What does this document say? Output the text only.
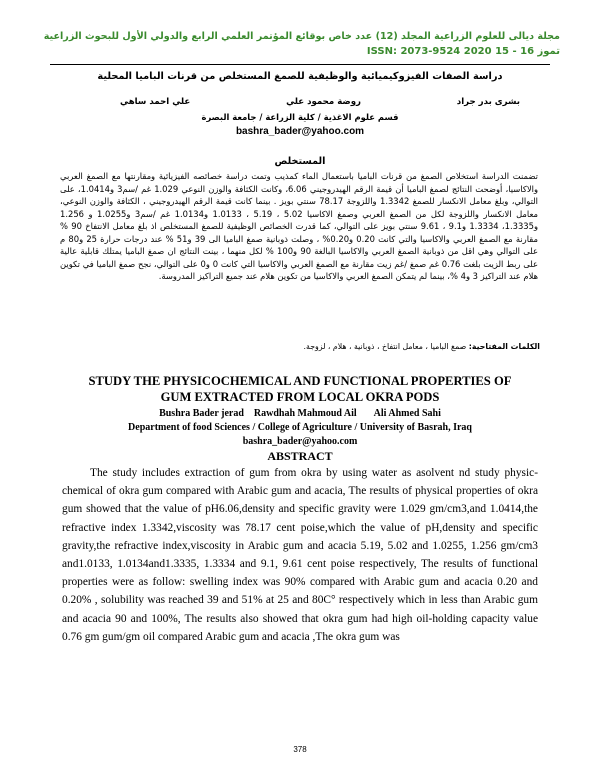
مجلة ديالى للعلوم الزراعية المجلد (12) عدد خاص بوقائع المؤتمر العلمي الرابع والدولي الأول للبحوث الزراعية
ISSN: 2073-9524 2020 تموز 16 - 15
دراسة الصفات الفيزوكيميائية والوظيفية للصمغ المستخلص من قرنات الباميا المحلية
بشرى بدر جراد
روضة محمود علي
علي احمد ساهي
قسم علوم الاغذية / كلية الزراعة / جامعة البصرة
bashra_bader@yahoo.com
المستخلص

تضمنت الدراسة استخلاص الصمغ من قرنات الباميا باستعمال الماء كمذيب وتمت دراسة خصائصه الفيزيائية ومقارنتها مع الصمغ العربي والاكاسيا، أوضحت النتائج لصمغ الباميا أن قيمة الرقم الهيدروجيني 6.06، وكانت الكثافة والوزن النوعي 1.029 غم /سم3 و1.0414، على التوالي، وبلغ معامل الانكسار للصمغ 1.3342 واللزوجة 78.17 سنتي بويز . بينما كانت قيمة الرقم الهيدروجيني ، الكثافة والوزن النوعي، معامل الانكسار واللزوجة لكل من الصمغ العربي وصمغ الاكاسيا 5.02 ، 5.19 ، 1.0133 و1.0134 غم /سم3 و1.0255 و 1.256 و1.3335، 1.3334 و9.1 ، 9.61 سنتي بويز على التوالي، كما قدرت الخصائص الوظيفية للصمغ المستخلص اذ بلغ معامل الانتفاخ 90 % مقارنة مع الصمغ العربي والاكاسيا والتي كانت 0.20 و0.20% ، وصلت ذوبانية صمغ الباميا الى 39 و51 % عند درجات حرارة 25 و80 م على التوالي وهي اقل من ذوبانية الصمغ العربي والاكاسيا البالغة 90 و100 % لكل منهما ، بينت النتائج ان صمغ الباميا يمتلك قابلية عالية على ربط الزيت بلغت 0.76 غم صمغ /غم زيت مقارنة مع الصمغ العربي والاكاسيا التي كانت 0 و0 على التوالي، نجح صمغ الباميا في تكوين هلام عند التراكيز 3 و4 %، بينما لم يتمكن الصمغ العربي والاكاسيا من تكوين هلام عند جميع التراكيز المدروسة.

الكلمات المفتاحية: صمغ الباميا ، معامل انتفاخ ، ذوبانية ، هلام ، لزوجة.
STUDY THE PHYSICOCHEMICAL AND FUNCTIONAL PROPERTIES OF
GUM EXTRACTED FROM LOCAL OKRA PODS
Bushra Bader jerad    Rawdhah Mahmoud Ail       Ali Ahmed Sahi
Department of food Sciences / College of Agriculture / University of Basrah, Iraq
bashra_bader@yahoo.com
ABSTRACT

The study includes extraction of gum from okra by using water as asolvent nd study physic-chemical of okra gum compared with Arabic gum and acacia, The results of physical properties of okra gum showed that the value of pH6.06,density and specific gravity were 1.029 gm/cm3,and 1.0414,the refractive index 1.3342,viscosity was 78.17 cent poise,which the value of pH,density and specific gravity,the refractive index,viscosity in Arabic gum and acacia 5.19, 5.02 and 1.0255, 1.256 gm/cm3 and1.0133, 1.0134and1.3335, 1.3334 and 9.1, 9.61 cent poise respectively, The results of functional properties were as follow: swelling index was 90% compared with Arabic gum and acacia 0.20 and 0.20% , solubility was reached 39 and 51% at 25 and 80C° respectively which in less than Arabic gum and acacia 90 and 100%, The results also showed that okra gum had high oil-holding capacity value 0.76 gm gum/gm oil compared Arabic gum and acacia ,The okra gum was

378
